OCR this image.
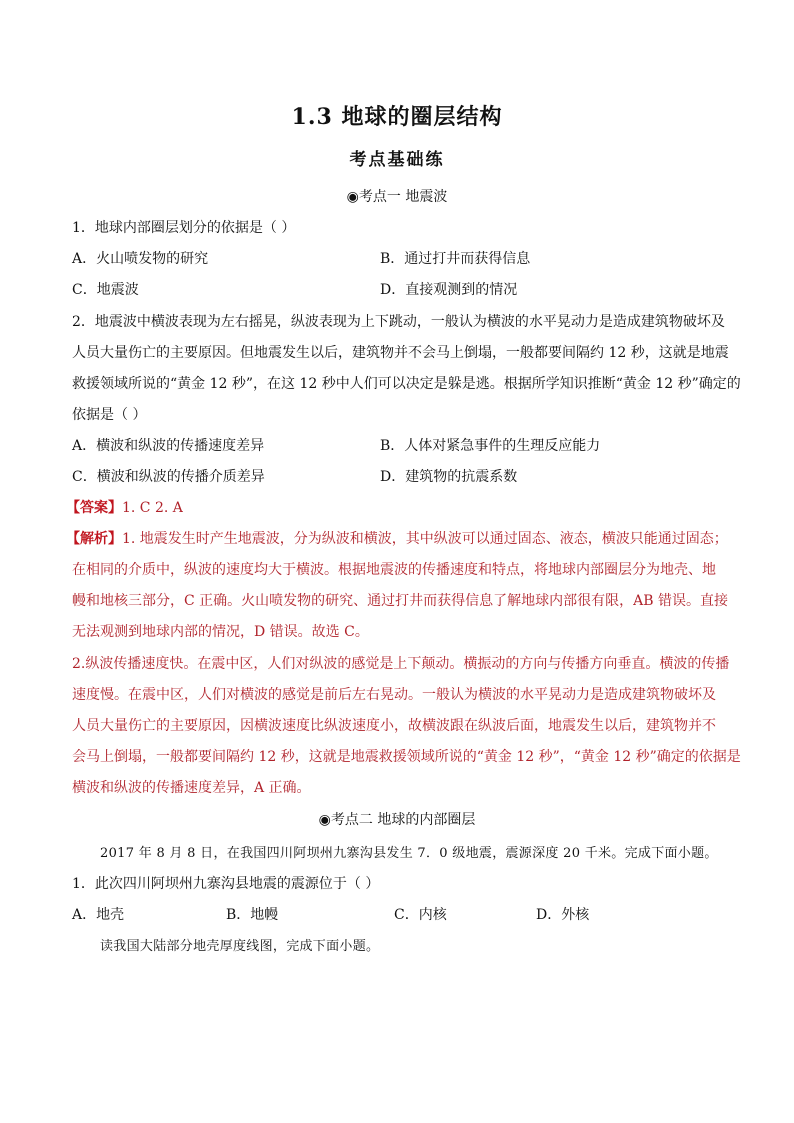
1.3 地球的圈层结构
考点基础练
◉考点一 地震波
1．地球内部圈层划分的依据是（ ）
A．火山喷发物的研究	B．通过打井而获得信息
C．地震波	D．直接观测到的情况
2．地震波中横波表现为左右摇晃，纵波表现为上下跳动，一般认为横波的水平晃动力是造成建筑物破坏及
人员大量伤亡的主要原因。但地震发生以后，建筑物并不会马上倒塌，一般都要间隔约 12 秒，这就是地震
救援领域所说的“黄金 12 秒”，在这 12 秒中人们可以决定是躲是逃。根据所学知识推断“黄金 12 秒”确定的
依据是（ ）
A．横波和纵波的传播速度差异	B．人体对紧急事件的生理反应能力
C．横波和纵波的传播介质差异	D．建筑物的抗震系数
【答案】1. C 2. A
【解析】1. 地震发生时产生地震波，分为纵波和横波，其中纵波可以通过固态、液态，横波只能通过固态；
在相同的介质中，纵波的速度均大于横波。根据地震波的传播速度和特点，将地球内部圈层分为地壳、地
幔和地核三部分，C 正确。火山喷发物的研究、通过打井而获得信息了解地球内部很有限，AB 错误。直接
无法观测到地球内部的情况，D 错误。故选 C。
2.纵波传播速度快。在震中区，人们对纵波的感觉是上下颠动。横振动的方向与传播方向垂直。横波的传播
速度慢。在震中区，人们对横波的感觉是前后左右晃动。一般认为横波的水平晃动力是造成建筑物破坏及
人员大量伤亡的主要原因，因横波速度比纵波速度小，故横波跟在纵波后面，地震发生以后，建筑物并不
会马上倒塌，一般都要间隔约 12 秒，这就是地震救援领域所说的“黄金 12 秒”，“黄金 12 秒”确定的依据是
横波和纵波的传播速度差异，A 正确。
◉考点二 地球的内部圈层
2017 年 8 月 8 日，在我国四川阿坝州九寨沟县发生 7．0 级地震，震源深度 20 千米。完成下面小题。
1．此次四川阿坝州九寨沟县地震的震源位于（ ）
A．地壳	B．地幔	C．内核	D．外核
读我国大陆部分地壳厚度线图，完成下面小题。
